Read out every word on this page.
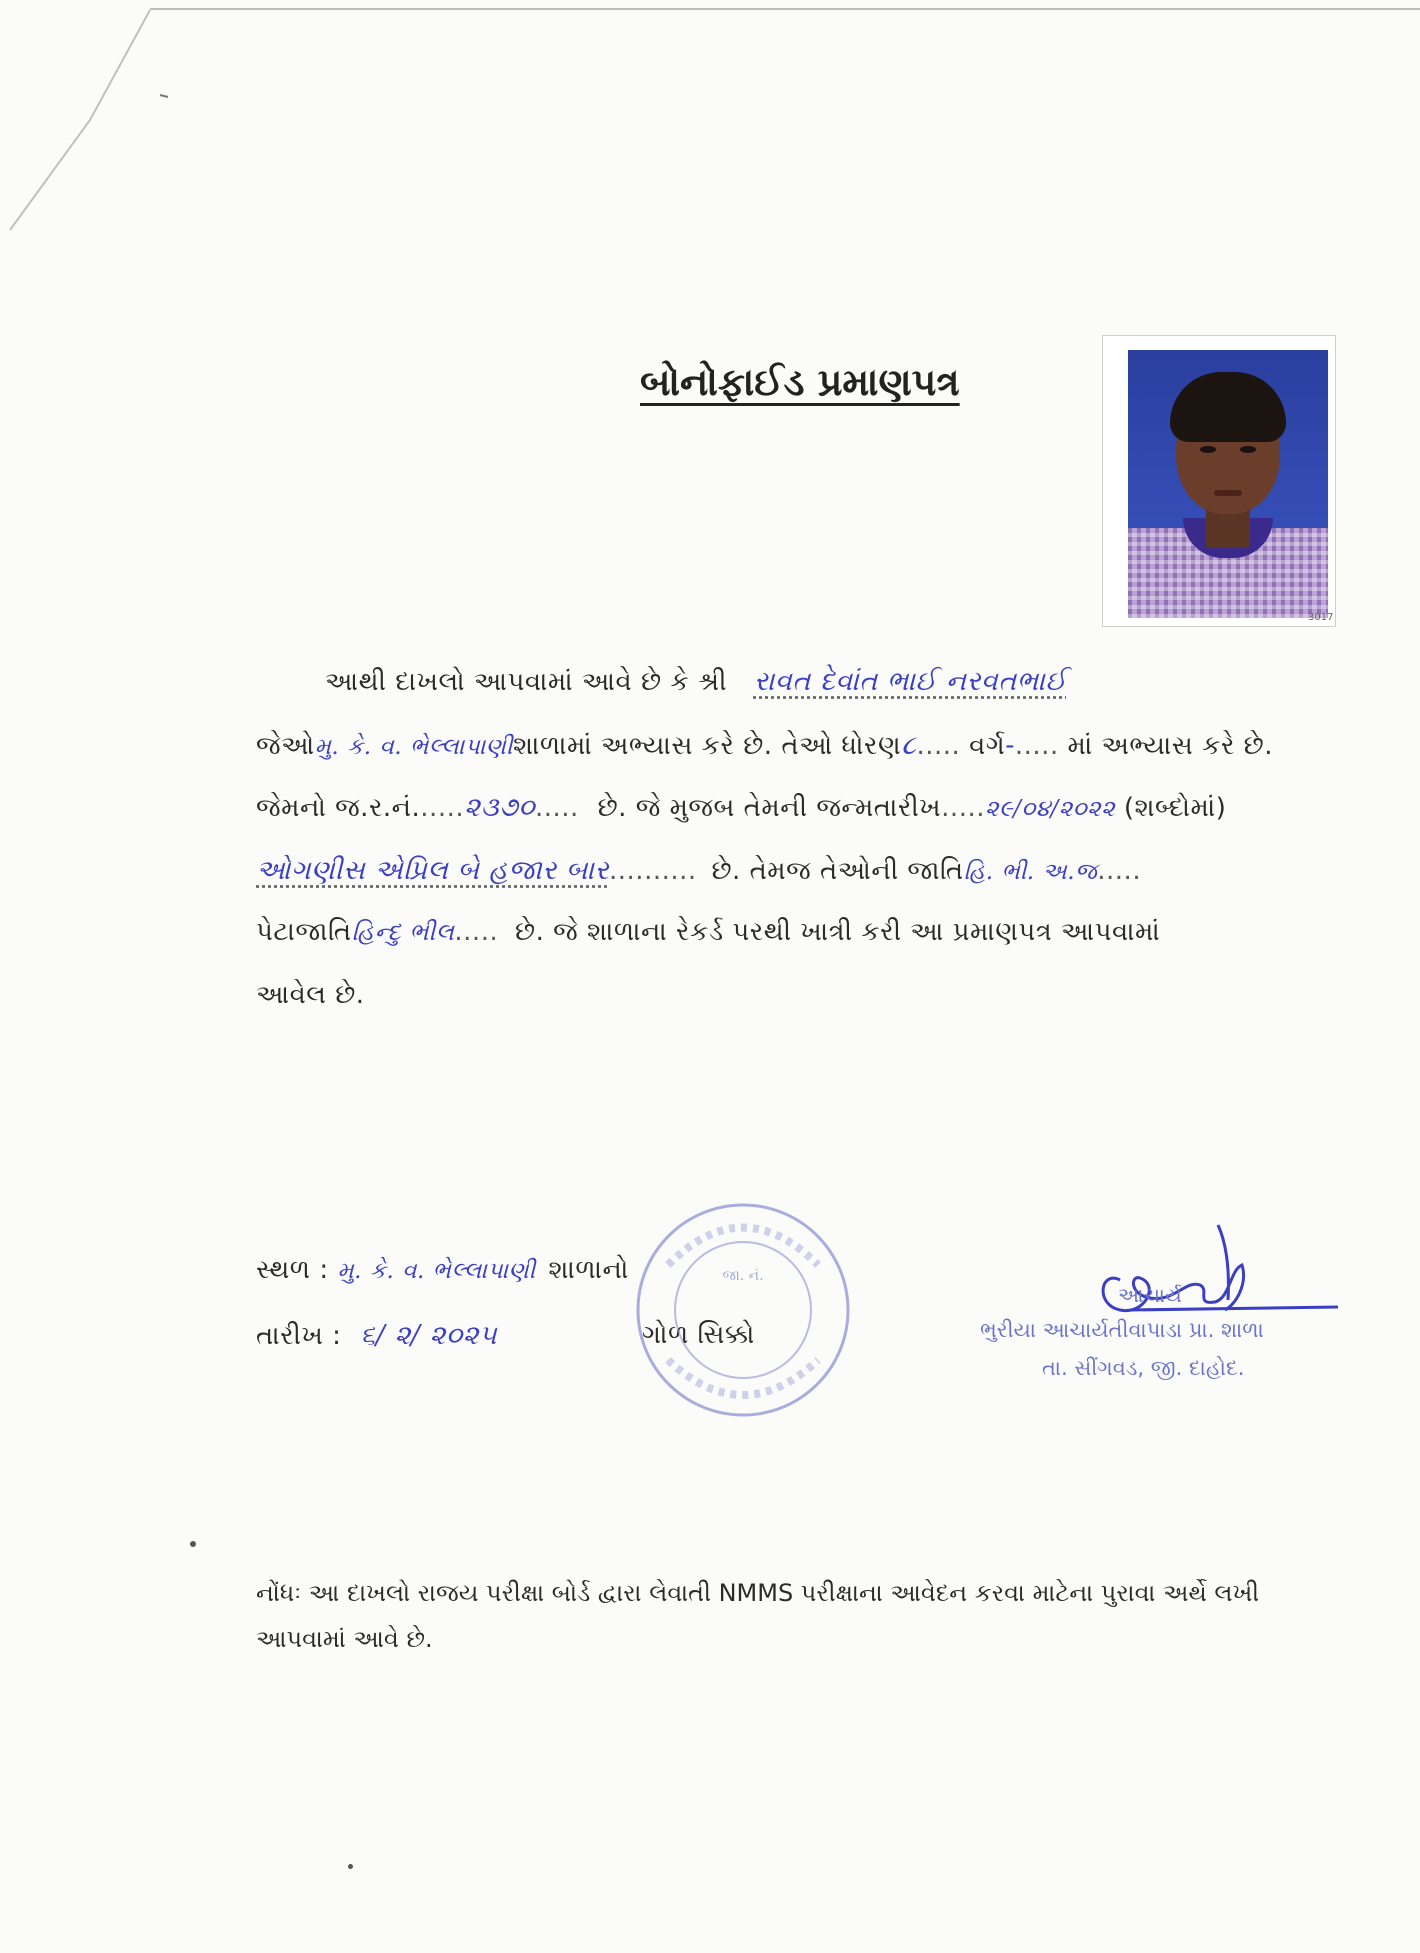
બોનોફાઈડ પ્રમાણપત્ર
3017
આથી દાખલો આપવામાં આવે છે કે શ્રી રાવત દેવાંત ભાઈ નરવતભાઈ
જેઓમુ. કે. વ. ભેલ્લાપાણીશાળામાં અભ્યાસ કરે છે. તેઓ ધોરણ૮..... વર્ગ-..... માં અભ્યાસ કરે છે.
જેમનો જ.ર.નં......૨૩૭૦..... છે. જે મુજબ તેમની જન્મતારીખ.....૨૯/૦૪/૨૦૨૨ (શબ્દોમાં)
ઓગણીસ એપ્રિલ બે હજાર બાર.......... છે. તેમજ તેઓની જાતિહિ. ભી. અ.જ.....
પેટાજાતિહિન્દુ ભીલ..... છે. જે શાળાના રેકર્ડ પરથી ખાત્રી કરી આ પ્રમાણપત્ર આપવામાં
આવેલ છે.
સ્થળ : મુ. કે. વ. ભેલ્લાપાણી શાળાનો
તારીખ : ૬/ ૨/ ૨૦૨૫	ગોળ સિક્કો
જા. નં.
આચાર્ય
ભુરીયા આચાર્યતીવાપાડા પ્રા. શાળા
તા. સીંગવડ, જી. દાહોદ.
નોંધઃ આ દાખલો રાજય પરીક્ષા બોર્ડ દ્વારા લેવાતી NMMS પરીક્ષાના આવેદન કરવા માટેના પુરાવા અર્થે લખી આપવામાં આવે છે.
